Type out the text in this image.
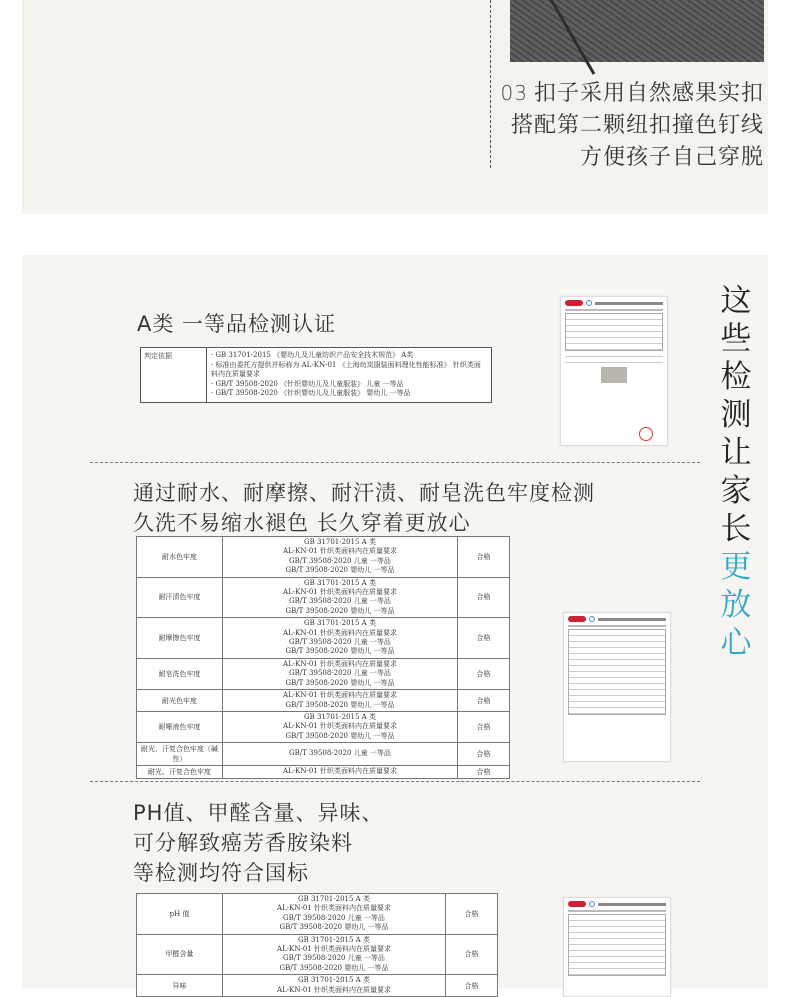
03 扣子采用自然感果实扣
搭配第二颗纽扣撞色钉线
方便孩子自己穿脱
这
些
检
测
让
家
长
更
放
心
A类 一等品检测认证
判定依据	· GB 31701-2015 《婴幼儿及儿童纺织产品安全技术规范》 A类
· 标准由委托方提供并标称为 AL-KN-01 《上海幼岚服装面料理化性能标准》 针织类面料内在质量要求
· GB/T 39508-2020 《针织婴幼儿及儿童服装》 儿童 一等品
· GB/T 39508-2020 《针织婴幼儿及儿童服装》 婴幼儿 一等品
通过耐水、耐摩擦、耐汗渍、耐皂洗色牢度检测
久洗不易缩水褪色 长久穿着更放心
耐水色牢度	GB 31701-2015 A 类
AL-KN-01 针织类面料内在质量要求
GB/T 39508-2020 儿童 一等品
GB/T 39508-2020 婴幼儿 一等品	合格
耐汗渍色牢度	GB 31701-2015 A 类
AL-KN-01 针织类面料内在质量要求
GB/T 39508-2020 儿童 一等品
GB/T 39508-2020 婴幼儿 一等品	合格
耐摩擦色牢度	GB 31701-2015 A 类
AL-KN-01 针织类面料内在质量要求
GB/T 39508-2020 儿童 一等品
GB/T 39508-2020 婴幼儿 一等品	合格
耐皂洗色牢度	AL-KN-01 针织类面料内在质量要求
GB/T 39508-2020 儿童 一等品
GB/T 39508-2020 婴幼儿 一等品	合格
耐光色牢度	AL-KN-01 针织类面料内在质量要求
GB/T 39508-2020 婴幼儿 一等品	合格
耐唾液色牢度	GB 31701-2015 A 类
AL-KN-01 针织类面料内在质量要求
GB/T 39508-2020 婴幼儿 一等品	合格
耐光、汗复合色牢度（碱性）	GB/T 39508-2020 儿童 一等品	合格
耐光、汗复合色牢度	AL-KN-01 针织类面料内在质量要求	合格
PH值、甲醛含量、异味、
可分解致癌芳香胺染料
等检测均符合国标
pH 值	GB 31701-2015 A 类
AL-KN-01 针织类面料内在质量要求
GB/T 39508-2020 儿童 一等品
GB/T 39508-2020 婴幼儿 一等品	合格
甲醛含量	GB 31701-2015 A 类
AL-KN-01 针织类面料内在质量要求
GB/T 39508-2020 儿童 一等品
GB/T 39508-2020 婴幼儿 一等品	合格
异味	GB 31701-2015 A 类
AL-KN-01 针织类面料内在质量要求	合格
